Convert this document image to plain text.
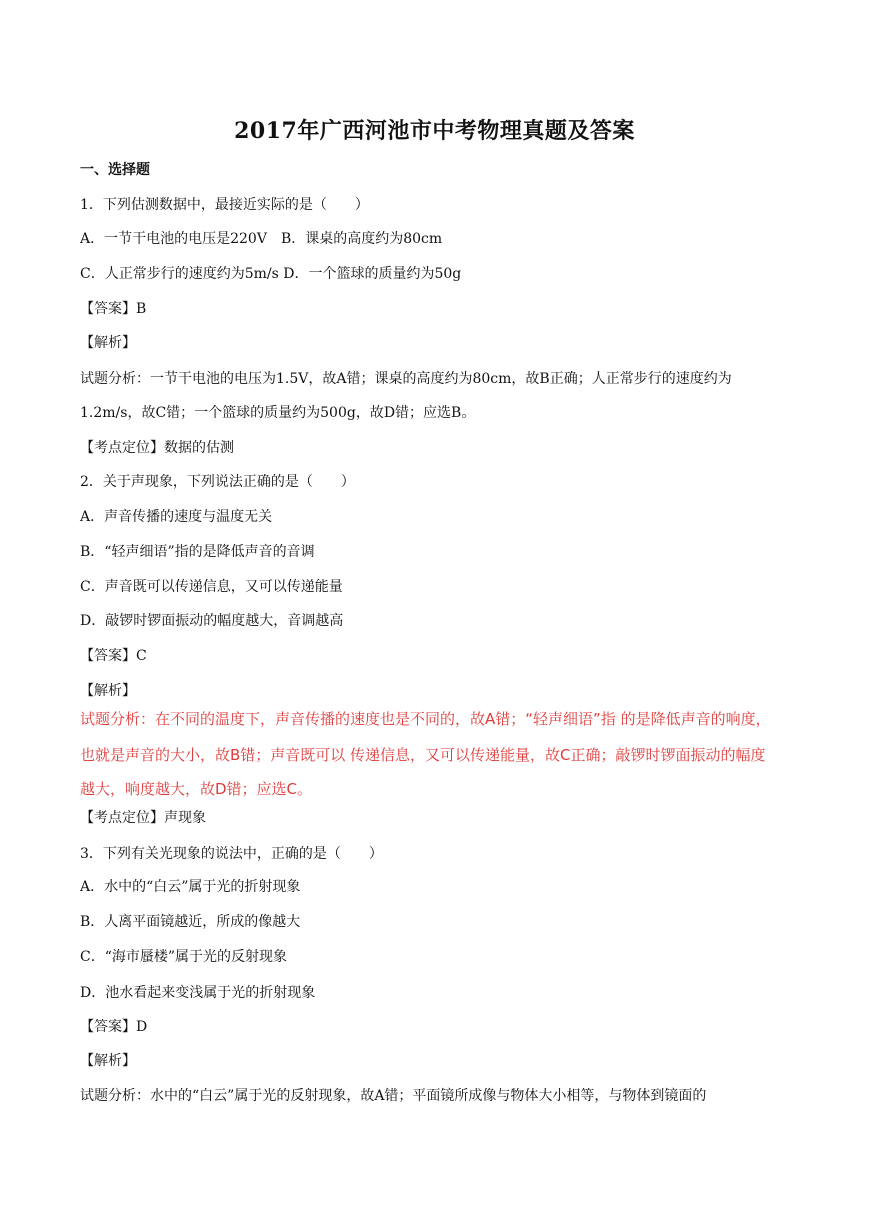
2017年广西河池市中考物理真题及答案
一、选择题
1．下列估测数据中，最接近实际的是（　　）
A．一节干电池的电压是220V　B．课桌的高度约为80cm
C．人正常步行的速度约为5m/s D．一个篮球的质量约为50g
【答案】B
【解析】
试题分析：一节干电池的电压为1.5V，故A错；课桌的高度约为80cm，故B正确；人正常步行的速度约为
1.2m/s，故C错；一个篮球的质量约为500g，故D错；应选B。
【考点定位】数据的估测
2．关于声现象，下列说法正确的是（　　）
A．声音传播的速度与温度无关
B．“轻声细语”指的是降低声音的音调
C．声音既可以传递信息，又可以传递能量
D．敲锣时锣面振动的幅度越大，音调越高
【答案】C
【解析】
试题分析：在不同的温度下，声音传播的速度也是不同的，故A错；“轻声细语”指 的是降低声音的响度，
也就是声音的大小，故B错；声音既可以 传递信息，又可以传递能量，故C正确；敲锣时锣面振动的幅度
越大，响度越大，故D错；应选C。
【考点定位】声现象
3．下列有关光现象的说法中，正确的是（　　）
A．水中的“白云”属于光的折射现象
B．人离平面镜越近，所成的像越大
C．“海市蜃楼”属于光的反射现象
D．池水看起来变浅属于光的折射现象
【答案】D
【解析】
试题分析：水中的“白云”属于光的反射现象，故A错；平面镜所成像与物体大小相等，与物体到镜面的
